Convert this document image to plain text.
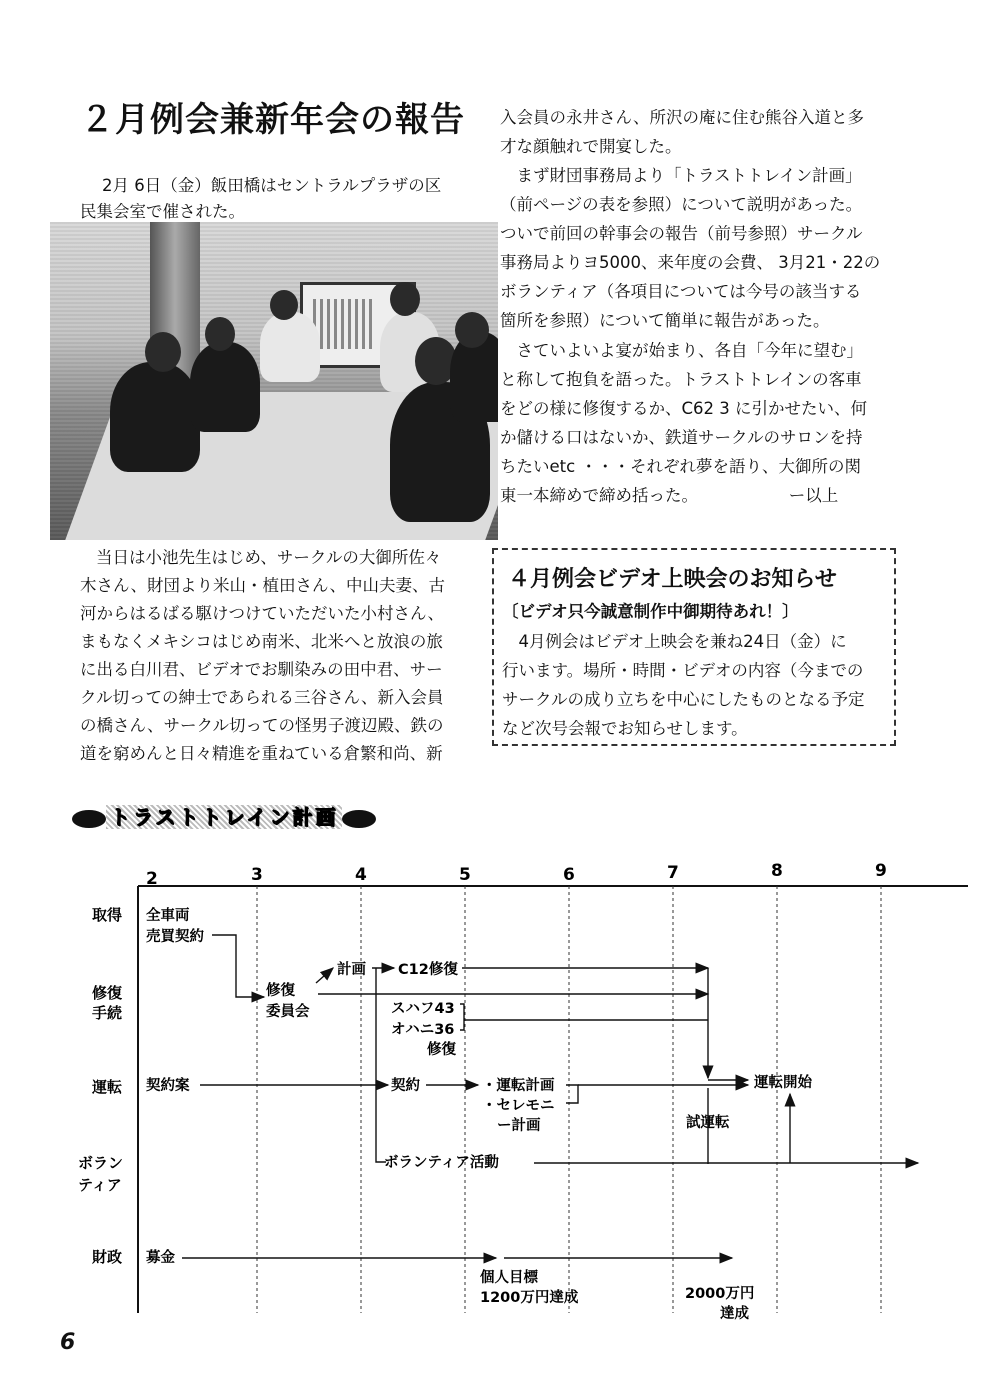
２月例会兼新年会の報告
2月 6日（金）飯田橋はセントラルプラザの区
民集会室で催された。
当日は小池先生はじめ、サークルの大御所佐々
木さん、財団より米山・植田さん、中山夫妻、古
河からはるばる駆けつけていただいた小村さん、
まもなくメキシコはじめ南米、北米へと放浪の旅
に出る白川君、ビデオでお馴染みの田中君、サー
クル切っての紳士であられる三谷さん、新入会員
の橋さん、サークル切っての怪男子渡辺殿、鉄の
道を窮めんと日々精進を重ねている倉繁和尚、新
入会員の永井さん、所沢の庵に住む熊谷入道と多
才な顔触れで開宴した。
　まず財団事務局より「トラストトレイン計画」
（前ページの表を参照）について説明があった。
ついで前回の幹事会の報告（前号参照）サークル
事務局よりヨ5000、来年度の会費、 3月21・22の
ボランティア（各項目については今号の該当する
箇所を参照）について簡単に報告があった。
　さていよいよ宴が始まり、各自「今年に望む」
と称して抱負を語った。トラストトレインの客車
をどの様に修復するか、C62 3 に引かせたい、何
か儲ける口はないか、鉄道サークルのサロンを持
ちたいetc ・・・それぞれ夢を語り、大御所の関
東一本締めで締め括った。　　　　　　ー以上
４月例会ビデオ上映会のお知らせ
〔ビデオ只今誠意制作中御期待あれ！〕
　4月例会はビデオ上映会を兼ね24日（金）に
行います。場所・時間・ビデオの内容（今までの
サークルの成り立ちを中心にしたものとなる予定
など次号会報でお知らせします。
トラストトレイン計画
2	3	4	5	6	7	8	9
取得
修復
手続
運転
ボラン
ティア
財政
全車両
売買契約
修復
委員会
計画 C12修復
スハフ43
オハニ36
修復
契約案	契約	・運転計画
・セレモニ
ー計画	試運転
運転開始
ボランティア活動
募金
個人目標
1200万円達成	2000万円
達成
6
